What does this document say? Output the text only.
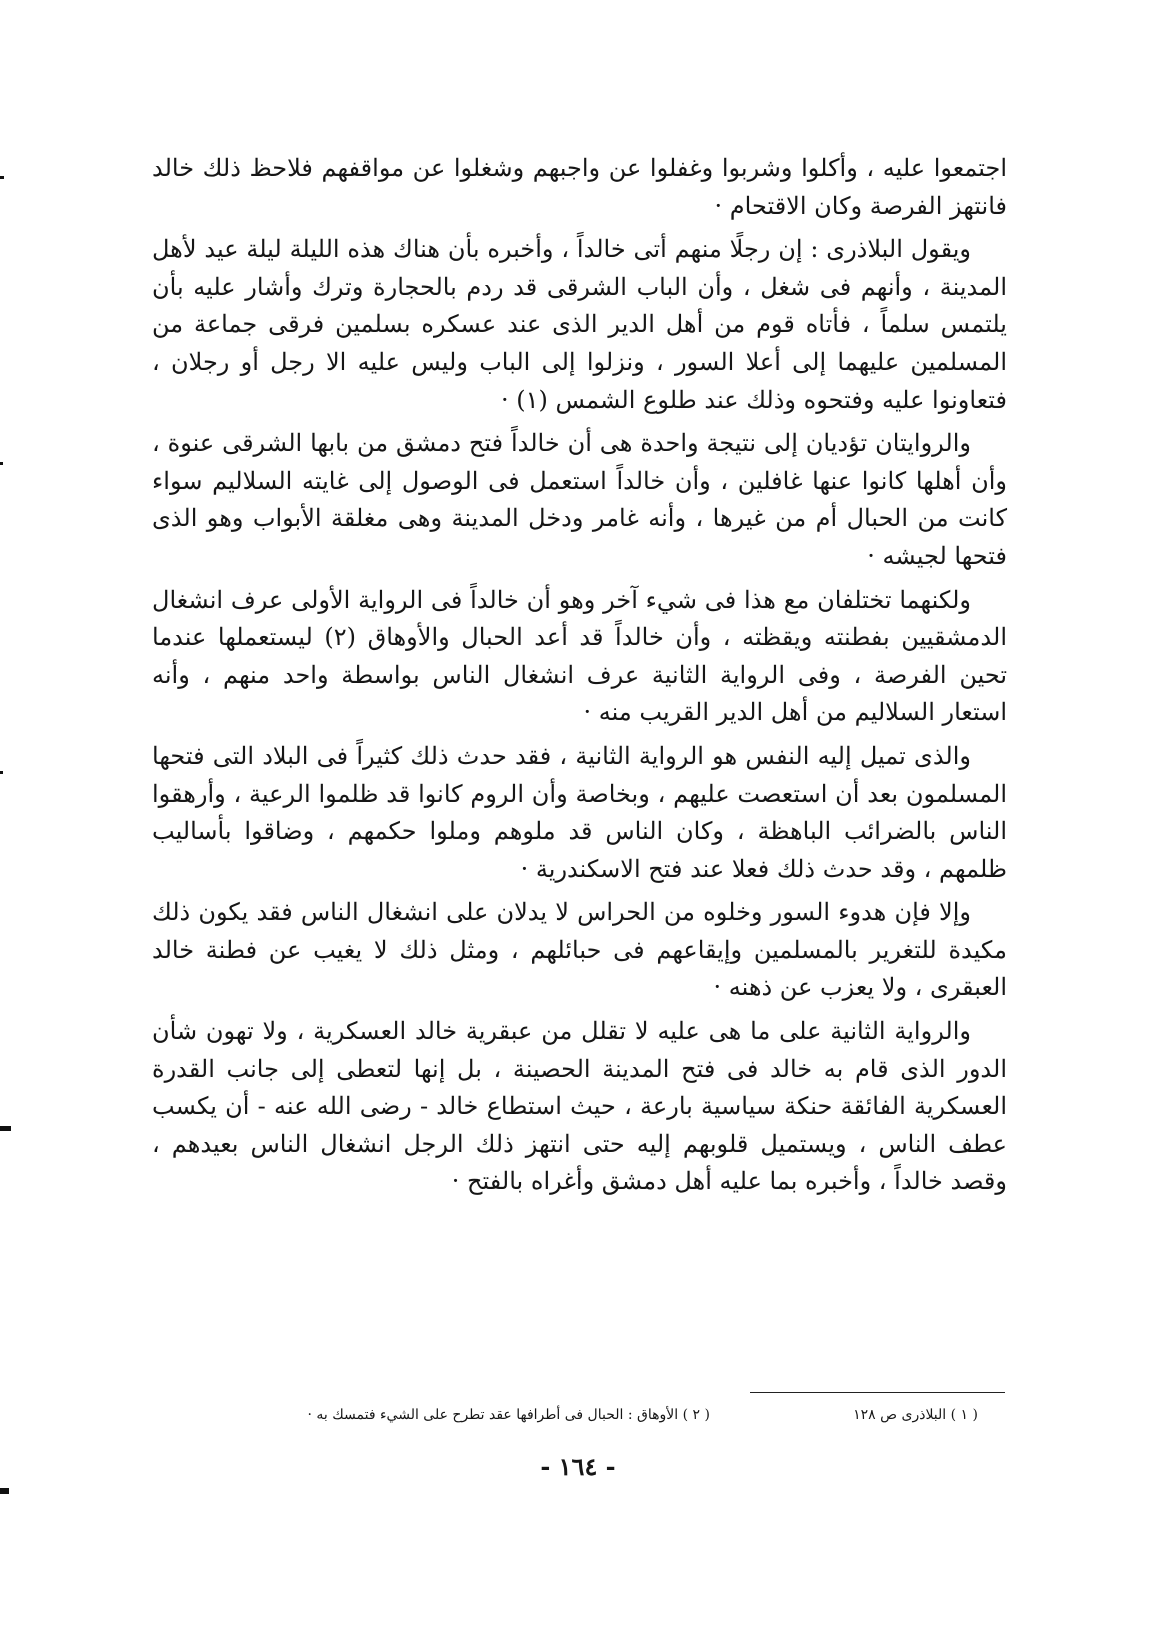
اجتمعوا عليه ، وأكلوا وشربوا وغفلوا عن واجبهم وشغلوا عن مواقفهم فلاحظ ذلك خالد فانتهز الفرصة وكان الاقتحام ·

ويقول البلاذرى : إن رجلًا منهم أتى خالداً ، وأخبره بأن هناك هذه الليلة ليلة عيد لأهل المدينة ، وأنهم فى شغل ، وأن الباب الشرقى قد ردم بالحجارة وترك وأشار عليه بأن يلتمس سلماً ، فأتاه قوم من أهل الدير الذى عند عسكره بسلمين فرقى جماعة من المسلمين عليهما إلى أعلا السور ، ونزلوا إلى الباب وليس عليه الا رجل أو رجلان ، فتعاونوا عليه وفتحوه وذلك عند طلوع الشمس (١) ·

والروايتان تؤديان إلى نتيجة واحدة هى أن خالداً فتح دمشق من بابها الشرقى عنوة ، وأن أهلها كانوا عنها غافلين ، وأن خالداً استعمل فى الوصول إلى غايته السلاليم سواء كانت من الحبال أم من غيرها ، وأنه غامر ودخل المدينة وهى مغلقة الأبواب وهو الذى فتحها لجيشه ·

ولكنهما تختلفان مع هذا فى شيء آخر وهو أن خالداً فى الرواية الأولى عرف انشغال الدمشقيين بفطنته ويقظته ، وأن خالداً قد أعد الحبال والأوهاق (٢) ليستعملها عندما تحين الفرصة ، وفى الرواية الثانية عرف انشغال الناس بواسطة واحد منهم ، وأنه استعار السلاليم من أهل الدير القريب منه ·

والذى تميل إليه النفس هو الرواية الثانية ، فقد حدث ذلك كثيراً فى البلاد التى فتحها المسلمون بعد أن استعصت عليهم ، وبخاصة وأن الروم كانوا قد ظلموا الرعية ، وأرهقوا الناس بالضرائب الباهظة ، وكان الناس قد ملوهم وملوا حكمهم ، وضاقوا بأساليب ظلمهم ، وقد حدث ذلك فعلا عند فتح الاسكندرية ·

وإلا فإن هدوء السور وخلوه من الحراس لا يدلان على انشغال الناس فقد يكون ذلك مكيدة للتغرير بالمسلمين وإيقاعهم فى حبائلهم ، ومثل ذلك لا يغيب عن فطنة خالد العبقرى ، ولا يعزب عن ذهنه ·

والرواية الثانية على ما هى عليه لا تقلل من عبقرية خالد العسكرية ، ولا تهون شأن الدور الذى قام به خالد فى فتح المدينة الحصينة ، بل إنها لتعطى إلى جانب القدرة العسكرية الفائقة حنكة سياسية بارعة ، حيث استطاع خالد - رضى الله عنه - أن يكسب عطف الناس ، ويستميل قلوبهم إليه حتى انتهز ذلك الرجل انشغال الناس بعيدهم ، وقصد خالداً ، وأخبره بما عليه أهل دمشق وأغراه بالفتح ·

( ١ ) البلاذرى ص ١٢٨
( ٢ ) الأوهاق : الحبال فى أطرافها عقد تطرح على الشيء فتمسك به ·
- ١٦٤ -
